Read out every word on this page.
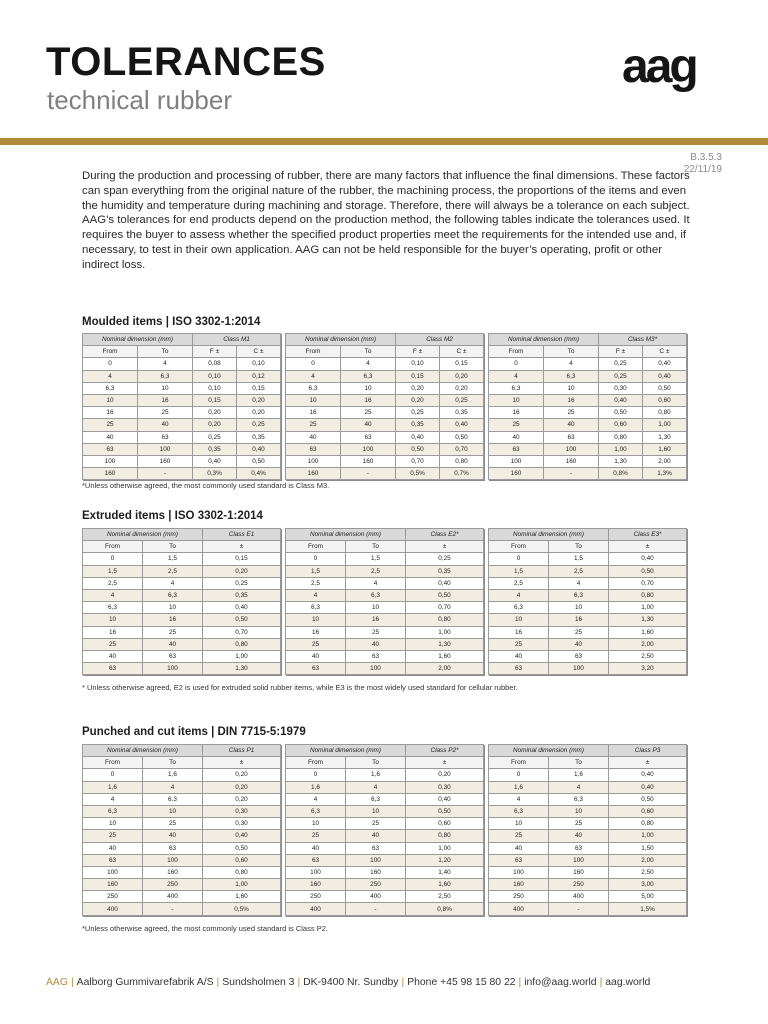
TOLERANCES
technical rubber
aag
B.3.5.3
22/11/19

During the production and processing of rubber, there are many factors that influence the final dimensions. These factors can span everything from the original nature of the rubber, the machining process, the proportions of the items and even the humidity and temperature during machining and storage. Therefore, there will always be a tolerance on each subject.

AAG’s tolerances for end products depend on the production method, the following tables indicate the tolerances used. It requires the buyer to assess whether the specified product properties meet the requirements for the intended use and, if necessary, to test in their own application. AAG can not be held responsible for the buyer’s operating, profit or other indirect loss.

Moulded items | ISO 3302-1:2014
Nominal dimension (mm)		Class M1	
From	To	F ±	C ±
0	4	0,08	0,10
4	6,3	0,10	0,12
6,3	10	0,10	0,15
10	16	0,15	0,20
16	25	0,20	0,20
25	40	0,20	0,25
40	63	0,25	0,35
63	100	0,35	0,40
100	160	0,40	0,50
160	-	0,3%	0,4%
Nominal dimension (mm)		Class M2	
From	To	F ±	C ±
0	4	0,10	0,15
4	6,3	0,15	0,20
6,3	10	0,20	0,20
10	16	0,20	0,25
16	25	0,25	0,35
25	40	0,35	0,40
40	63	0,40	0,50
63	100	0,50	0,70
100	160	0,70	0,80
160	-	0,5%	0,7%
Nominal dimension (mm)		Class M3*	
From	To	F ±	C ±
0	4	0,25	0,40
4	6,3	0,25	0,40
6,3	10	0,30	0,50
10	16	0,40	0,60
16	25	0,50	0,80
25	40	0,60	1,00
40	63	0,80	1,30
63	100	1,00	1,60
100	160	1,30	2,00
160	-	0,8%	1,3%
*Unless otherwise agreed, the most commonly used standard is Class M3.
Extruded items | ISO 3302-1:2014
Nominal dimension (mm)		Class E1
From	To	±
0	1,5	0,15
1,5	2,5	0,20
2,5	4	0,25
4	6,3	0,35
6,3	10	0,40
10	16	0,50
16	25	0,70
25	40	0,80
40	63	1,00
63	100	1,30
Nominal dimension (mm)		Class E2*
From	To	±
0	1,5	0,25
1,5	2,5	0,35
2,5	4	0,40
4	6,3	0,50
6,3	10	0,70
10	16	0,80
16	25	1,00
25	40	1,30
40	63	1,60
63	100	2,00
Nominal dimension (mm)		Class E3*
From	To	±
0	1,5	0,40
1,5	2,5	0,50
2,5	4	0,70
4	6,3	0,80
6,3	10	1,00
10	16	1,30
16	25	1,60
25	40	2,00
40	63	2,50
63	100	3,20
* Unless otherwise agreed, E2 is used for extruded solid rubber items, while E3 is the most widely used standard for cellular rubber.
Punched and cut items | DIN 7715-5:1979
Nominal dimension (mm)		Class P1
From	To	±
0	1,6	0,20
1,6	4	0,20
4	6,3	0,20
6,3	10	0,30
10	25	0,30
25	40	0,40
40	63	0,50
63	100	0,60
100	160	0,80
160	250	1,00
250	400	1,60
400	-	0,5%
Nominal dimension (mm)		Class P2*
From	To	±
0	1,6	0,20
1,6	4	0,30
4	6,3	0,40
6,3	10	0,50
10	25	0,60
25	40	0,80
40	63	1,00
63	100	1,20
100	160	1,40
160	250	1,60
250	400	2,50
400	-	0,8%
Nominal dimension (mm)		Class P3
From	To	±
0	1,6	0,40
1,6	4	0,40
4	6,3	0,50
6,3	10	0,60
10	25	0,80
25	40	1,00
40	63	1,50
63	100	2,00
100	160	2,50
160	250	3,00
250	400	5,00
400	-	1,5%
*Unless otherwise agreed, the most commonly used standard is Class P2.
AAG | Aalborg Gummivarefabrik A/S | Sundsholmen 3 | DK-9400 Nr. Sundby | Phone +45 98 15 80 22 | info@aag.world | aag.world
